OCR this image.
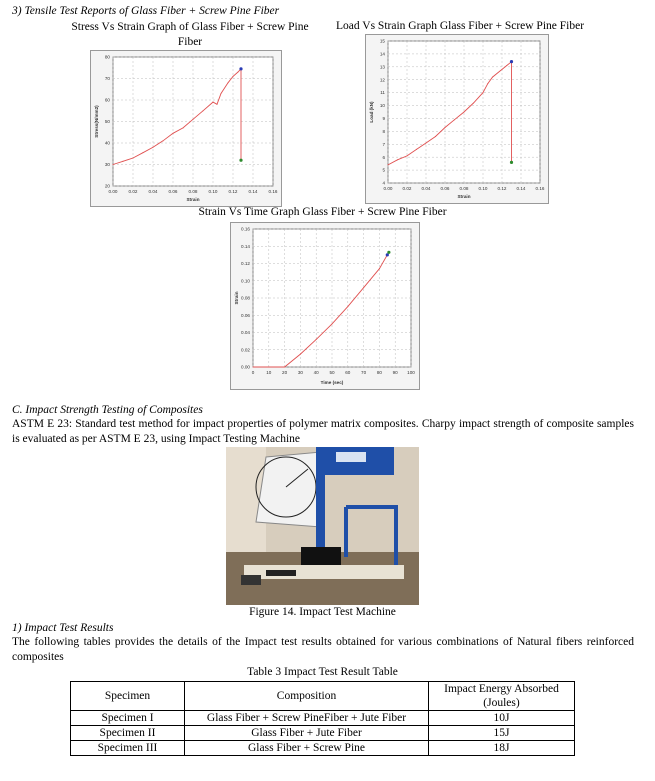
3) Tensile Test Reports of Glass Fiber + Screw Pine Fiber
Stress Vs Strain Graph of Glass Fiber + Screw Pine
Fiber
Load Vs Strain Graph Glass Fiber + Screw Pine Fiber
0.00 0.02 0.04 0.06 0.08 0.10 0.12 0.14 0.16
20
30
40
50
60
70
80
Strain
Stress(N/mm2)
0.00 0.02 0.04 0.06 0.08 0.10 0.12 0.14 0.16
4
5
6
7
8
9
10
11
12
13
14
15
Strain
Load (kN)
Strain Vs Time Graph Glass Fiber + Screw Pine Fiber
0	10 20 30 40 50 60 70 80 90 100
0.00
0.02
0.04
0.06
0.08
0.10
0.12
0.14
0.16
Time (sec)
Strain
C. Impact Strength Testing of Composites
ASTM E 23: Standard test method for impact properties of polymer matrix composites. Charpy impact strength of composite samples is evaluated as per ASTM E 23, using Impact Testing Machine
Figure 14. Impact Test Machine
1) Impact Test Results
The following tables provides the details of the Impact test results obtained for various combinations of Natural fibers reinforced composites
Table 3 Impact Test Result Table
Specimen	Composition	Impact Energy Absorbed (Joules)
Specimen I	Glass Fiber + Screw PineFiber + Jute Fiber	10J
Specimen II	Glass Fiber + Jute Fiber	15J
Specimen III	Glass Fiber + Screw Pine	18J
